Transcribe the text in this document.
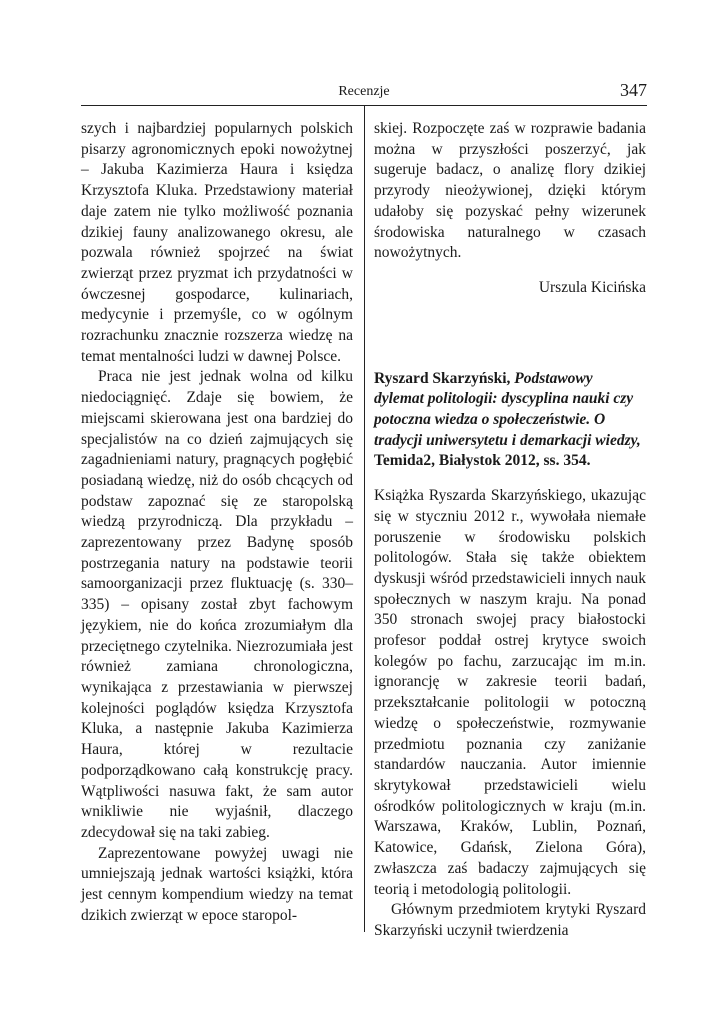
Recenzje	347

szych i najbardziej popularnych polskich pisarzy agronomicznych epoki nowożytnej – Jakuba Kazimierza Haura i księdza Krzysztofa Kluka. Przedstawiony materiał daje zatem nie tylko możliwość poznania dzikiej fauny analizowanego okresu, ale pozwala również spojrzeć na świat zwierząt przez pryzmat ich przydatności w ówczesnej gospodarce, kulinariach, medycynie i przemyśle, co w ogólnym rozrachunku znacznie rozszerza wiedzę na temat mentalności ludzi w dawnej Polsce.

Praca nie jest jednak wolna od kilku niedociągnięć. Zdaje się bowiem, że miejscami skierowana jest ona bardziej do specjalistów na co dzień zajmujących się zagadnieniami natury, pragnących pogłębić posiadaną wiedzę, niż do osób chcących od podstaw zapoznać się ze staropolską wiedzą przyrodniczą. Dla przykładu – zaprezentowany przez Badynę sposób postrzegania natury na podstawie teorii samoorganizacji przez fluktuację (s. 330–335) – opisany został zbyt fachowym językiem, nie do końca zrozumiałym dla przeciętnego czytelnika. Niezrozumiała jest również zamiana chronologiczna, wynikająca z przestawiania w pierwszej kolejności poglądów księdza Krzysztofa Kluka, a następnie Jakuba Kazimierza Haura, której w rezultacie podporządkowano całą konstrukcję pracy. Wątpliwości nasuwa fakt, że sam autor wnikliwie nie wyjaśnił, dlaczego zdecydował się na taki zabieg.

Zaprezentowane powyżej uwagi nie umniejszają jednak wartości książki, która jest cennym kompendium wiedzy na temat dzikich zwierząt w epoce staropol-

skiej. Rozpoczęte zaś w rozprawie badania można w przyszłości poszerzyć, jak sugeruje badacz, o analizę flory dzikiej przyrody nieożywionej, dzięki którym udałoby się pozyskać pełny wizerunek środowiska naturalnego w czasach nowożytnych.

Urszula Kicińska

Ryszard Skarzyński, Podstawowy dylemat politologii: dyscyplina nauki czy potoczna wiedza o społeczeństwie. O tradycji uniwersytetu i demarkacji wiedzy, Temida2, Białystok 2012, ss. 354.

Książka Ryszarda Skarzyńskiego, ukazując się w styczniu 2012 r., wywołała niemałe poruszenie w środowisku polskich politologów. Stała się także obiektem dyskusji wśród przedstawicieli innych nauk społecznych w naszym kraju. Na ponad 350 stronach swojej pracy białostocki profesor poddał ostrej krytyce swoich kolegów po fachu, zarzucając im m.in. ignorancję w zakresie teorii badań, przekształcanie politologii w potoczną wiedzę o społeczeństwie, rozmywanie przedmiotu poznania czy zaniżanie standardów nauczania. Autor imiennie skrytykował przedstawicieli wielu ośrodków politologicznych w kraju (m.in. Warszawa, Kraków, Lublin, Poznań, Katowice, Gdańsk, Zielona Góra), zwłaszcza zaś badaczy zajmujących się teorią i metodologią politologii.

Głównym przedmiotem krytyki Ryszard Skarzyński uczynił twierdzenia
